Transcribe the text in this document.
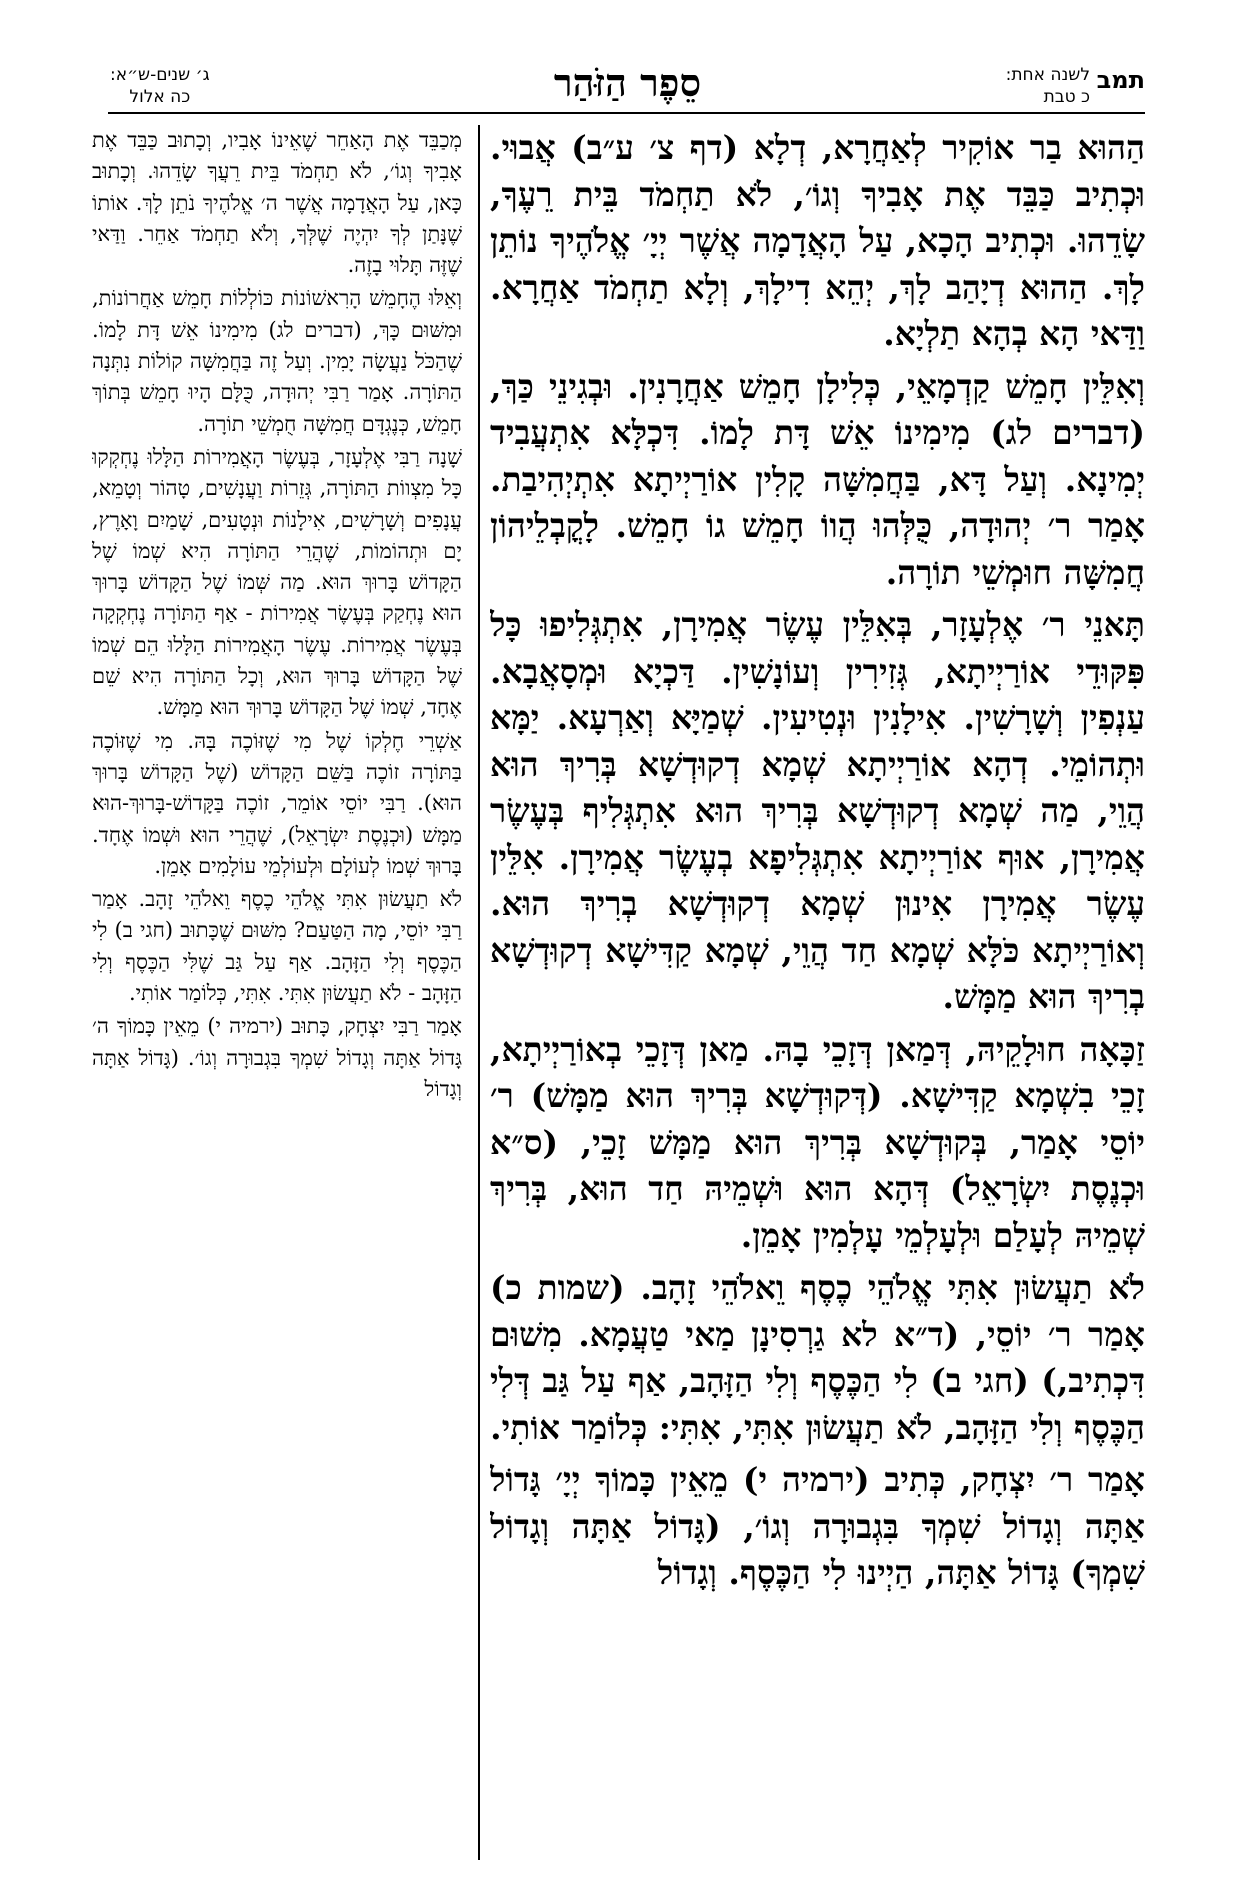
תמב
לשנה אחת:
כ טבת
סֵפֶר הַזֹּהַר
ג׳ שנים-ש״א:
כה אלול

הַהוּא בַר אוֹקִיר לְאַחֲרָא, דְלָא (דף צ׳ ע״ב) אֲבוּי. וּכְתִיב כַּבֵּד אֶת אָבִיךָ וְגוֹ׳, לֹא תַחְמֹד בֵּית רֵעֶךָ, שָׂדֵהוּ. וּכְתִיב הָכָא, עַל הָאֲדָמָה אֲשֶׁר יְיָ׳ אֱלֹהֶיךָ נוֹתֵן לָךְ. הַהוּא דְיָהַב לָךְ, יְהֵא דִילָךְ, וְלָא תַחְמֹד אַחֲרָא. וַדַּאי הָא בְהָא תַלְיָא.

וְאִלֵּין חָמֵשׁ קַדְמָאֵי, כְּלִילָן חָמֵשׁ אַחֲרָנִין. וּבְגִינֵי כַּךְ, (דברים לג) מִימִינוֹ אֵשׁ דָּת לָמוֹ. דִּכְלָּא אִתְעֲבִיד יְמִינָא. וְעַל דָּא, בַּחֲמִשָּׁה קָלִין אוֹרַיְיתָא אִתְיְהִיבַת. אָמַר ר׳ יְהוּדָה, כֻּלְּהוּ הֲווֹ חָמֵשׁ גוֹ חָמֵשׁ. לָקֳבְלֵיהוֹן חֲמִשָּׁה חוּמְשֵׁי תוֹרָה.

תָּאנֵי ר׳ אֶלְעָזָר, בְּאִלֵּין עֶשֶׂר אֲמִירָן, אִתְגְּלִיפוּ כָּל פִּקּוּדֵי אוֹרַיְיתָא, גְּזִירִין וְעוֹנָשִׁין. דַּכְיָא וּמְסָאֲבָא. עַנְפִין וְשָׁרָשִׁין. אִילָנִין וּנְטִיעִין. שְׁמַיָּא וְאַרְעָא. יַמָּא וּתְהוֹמֵי. דְהָא אוֹרַיְיתָא שְׁמָא דְקוּדְשָׁא בְּרִיךְ הוּא הֲוֵי, מַה שְׁמָא דְקוּדְשָׁא בְּרִיךְ הוּא אִתְגְּלִיף בְּעֶשֶׂר אֲמִירָן, אוּף אוֹרַיְיתָא אִתְגְּלִיפָא בְעֶשֶׂר אֲמִירָן. אִלֵּין עֶשֶׂר אֲמִירָן אִינוּן שְׁמָא דְקוּדְשָׁא בְרִיךְ הוּא. וְאוֹרַיְיתָא כֹּלָּא שְׁמָא חַד הֲוֵי, שְׁמָא קַדִּישָׁא דְקוּדְשָׁא בְרִיךְ הוּא מַמָּשׁ.

זַכָּאָה חוּלָקֵיהּ, דְּמַאן דְּזָכֵי בָהּ. מַאן דְּזָכֵי בְאוֹרַיְיתָא, זָכֵי בִשְׁמָא קַדִּישָׁא. (דְּקוּדְשָׁא בְּרִיךְ הוּא מַמָּשׁ) ר׳ יוֹסֵי אָמַר, בְּקוּדְשָׁא בְּרִיךְ הוּא מַמָּשׁ זָכֵי, (ס״א וּכְנֶסֶת יִשְׂרָאֵל) דְּהָא הוּא וּשְׁמֵיהּ חַד הוּא, בְּרִיךְ שְׁמֵיהּ לְעָלַם וּלְעָלְמֵי עָלְמִין אָמֵן.

לֹא תַעֲשׂוּן אִתִּי אֱלֹהֵי כֶסֶף וֵאלֹהֵי זָהָב. (שמות כ) אָמַר ר׳ יוֹסֵי, (ד״א לא גַרְסִינָן מַאי טַעֲמָא. מִשׁוּם דִּכְתִיב,) (חגי ב) לִי הַכֶּסֶף וְלִי הַזָּהָב, אַף עַל גַּב דְּלִי הַכֶּסֶף וְלִי הַזָּהָב, לֹא תַעֲשׂוּן אִתִּי, אִתִּי: כְּלוֹמַר אוֹתִי.

אָמַר ר׳ יִצְחָק, כְּתִיב (ירמיה י) מֵאֵין כָּמוֹךָ יְיָ׳ גָּדוֹל אַתָּה וְגָדוֹל שִׁמְךָ בִּגְבוּרָה וְגוֹ׳, (גָּדוֹל אַתָּה וְגָדוֹל שִׁמְךָ) גָּדוֹל אַתָּה, הַיְינוּ לִי הַכֶּסֶף. וְגָדוֹל

מְכַבֵּד אֶת הָאַחֵר שֶׁאֵינוֹ אָבִיו, וְכָתוּב כַּבֵּד אֶת אָבִיךָ וְגוֹ׳, לֹא תַחְמֹד בֵּית רֵעֲךָ שָׂדֵהוּ. וְכָתוּב כָּאן, עַל הָאֲדָמָה אֲשֶׁר ה׳ אֱלֹהֶיךָ נֹתֵן לָךְ. אוֹתוֹ שֶׁנָּתַן לְךָ יִהְיֶה שֶׁלְּךָ, וְלֹא תַחְמֹד אַחֵר. וַדַּאי שֶׁזֶּה תָּלוּי בָזֶה.

וְאֵלּוּ הֶחָמֵשׁ הָרִאשׁוֹנוֹת כּוֹלְלוֹת חָמֵשׁ אַחֲרוֹנוֹת, וּמִשּׁוּם כָּךְ, (דברים לג) מִימִינוֹ אֵשׁ דָּת לָמוֹ. שֶׁהַכֹּל נַעֲשָׂה יָמִין. וְעַל זֶה בַּחֲמִשָּׁה קוֹלוֹת נִתְּנָה הַתּוֹרָה. אָמַר רַבִּי יְהוּדָה, כֻּלָּם הָיוּ חָמֵשׁ בְּתוֹךְ חָמֵשׁ, כְּנֶגְדָּם חֲמִשָּׁה חֻמְשֵׁי תוֹרָה.

שָׁנָה רַבִּי אֶלְעָזָר, בְּעֶשֶׂר הָאֲמִירוֹת הַלָּלוּ נֶחְקְקוּ כָּל מִצְווֹת הַתּוֹרָה, גְּזֵרוֹת וַעֲנָשִׁים, טָהוֹר וְטָמֵא, עֲנָפִים וְשָׁרָשִׁים, אִילָנוֹת וּנְטָעִים, שָׁמַיִם וָאָרֶץ, יָם וּתְהוֹמוֹת, שֶׁהֲרֵי הַתּוֹרָה הִיא שְׁמוֹ שֶׁל הַקָּדוֹשׁ בָּרוּךְ הוּא. מַה שְּׁמוֹ שֶׁל הַקָּדוֹשׁ בָּרוּךְ הוּא נֶחְקַק בְּעֶשֶׂר אֲמִירוֹת - אַף הַתּוֹרָה נֶחְקְקָה בְּעֶשֶׂר אֲמִירוֹת. עֶשֶׂר הָאֲמִירוֹת הַלָּלוּ הֵם שְׁמוֹ שֶׁל הַקָּדוֹשׁ בָּרוּךְ הוּא, וְכָל הַתּוֹרָה הִיא שֵׁם אֶחָד, שְׁמוֹ שֶׁל הַקָּדוֹשׁ בָּרוּךְ הוּא מַמָּשׁ.

אַשְׁרֵי חֶלְקוֹ שֶׁל מִי שֶׁזּוֹכֶה בָּהּ. מִי שֶׁזּוֹכֶה בַּתּוֹרָה זוֹכֶה בַּשֵּׁם הַקָּדוֹשׁ (שֶׁל הַקָּדוֹשׁ בָּרוּךְ הוּא). רַבִּי יוֹסֵי אוֹמֵר, זוֹכֶה בַּקָּדוֹשׁ-בָּרוּךְ-הוּא מַמָּשׁ (וּכְנֶסֶת יִשְׂרָאֵל), שֶׁהֲרֵי הוּא וּשְׁמוֹ אֶחָד. בָּרוּךְ שְׁמוֹ לְעוֹלָם וּלְעוֹלְמֵי עוֹלָמִים אָמֵן.

לֹא תַעֲשׂוּן אִתִּי אֱלֹהֵי כֶסֶף וֵאלֹהֵי זָהָב. אָמַר רַבִּי יוֹסֵי, מָה הַטַּעַם? מִשּׁוּם שֶׁכָּתוּב (חגי ב) לִי הַכֶּסֶף וְלִי הַזָּהָב. אַף עַל גַּב שֶׁלִּי הַכֶּסֶף וְלִי הַזָּהָב - לֹא תַעֲשׂוּן אִתִּי. אִתִּי, כְּלוֹמַר אוֹתִי.

אָמַר רַבִּי יִצְחָק, כָּתוּב (ירמיה י) מֵאֵין כָּמוֹךָ ה׳ גָּדוֹל אַתָּה וְגָדוֹל שִׁמְךָ בִּגְבוּרָה וְגוֹ׳. (גָּדוֹל אַתָּה וְגָדוֹל
